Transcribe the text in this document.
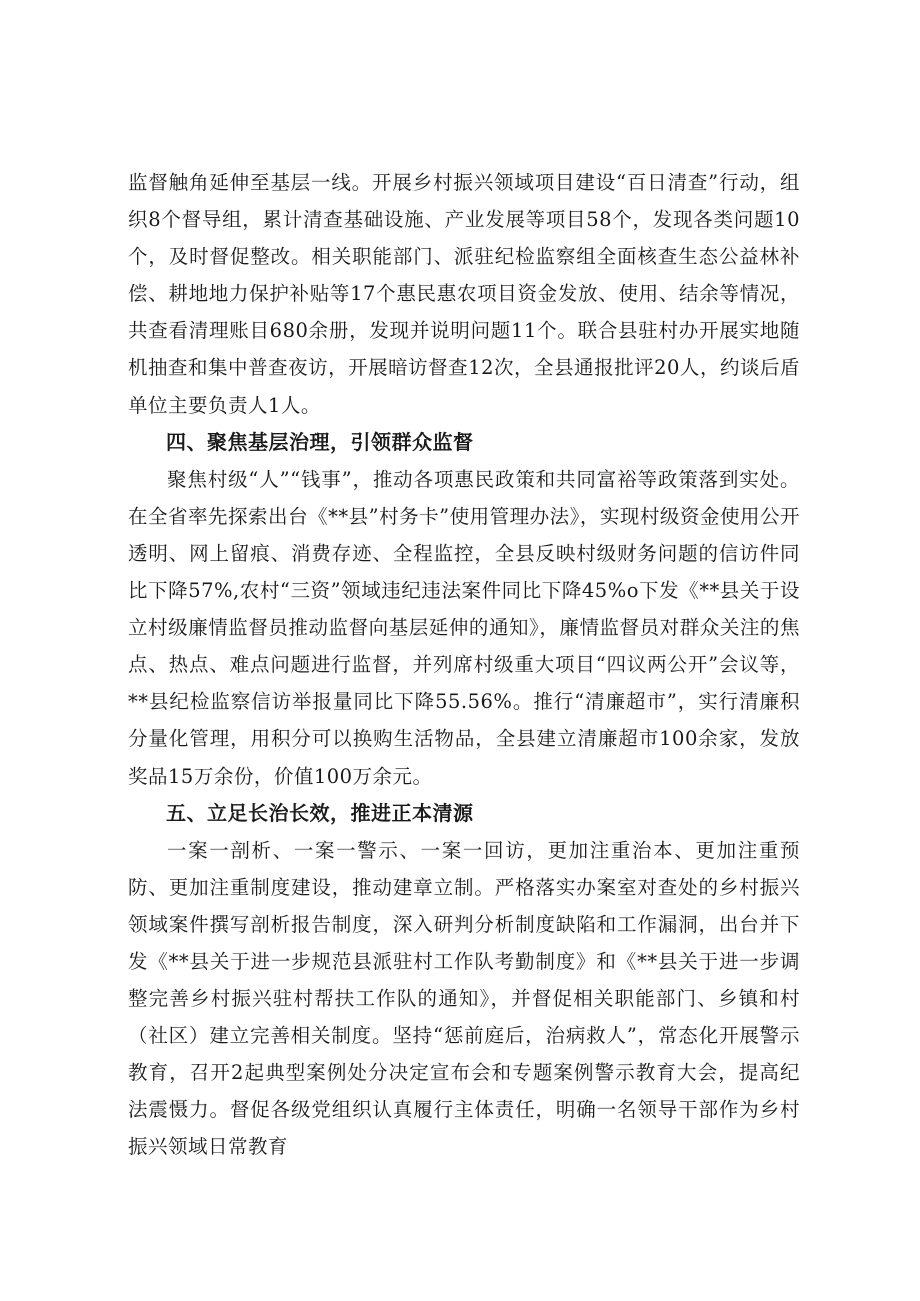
监督触角延伸至基层一线。开展乡村振兴领域项目建设“百日清查”行动，组织8个督导组，累计清查基础设施、产业发展等项目58个，发现各类问题10个，及时督促整改。相关职能部门、派驻纪检监察组全面核查生态公益林补偿、耕地地力保护补贴等17个惠民惠农项目资金发放、使用、结余等情况，共查看清理账目680余册，发现并说明问题11个。联合县驻村办开展实地随机抽查和集中普查夜访，开展暗访督查12次，全县通报批评20人，约谈后盾单位主要负责人1人。

四、聚焦基层治理，引领群众监督

聚焦村级“人”“钱事”，推动各项惠民政策和共同富裕等政策落到实处。在全省率先探索出台《**县”村务卡”使用管理办法》，实现村级资金使用公开透明、网上留痕、消费存迹、全程监控，全县反映村级财务问题的信访件同比下降57%,农村“三资”领域违纪违法案件同比下降45%o下发《**县关于设立村级廉情监督员推动监督向基层延伸的通知》，廉情监督员对群众关注的焦点、热点、难点问题进行监督，并列席村级重大项目“四议两公开”会议等，**县纪检监察信访举报量同比下降55.56%。推行“清廉超市”，实行清廉积分量化管理，用积分可以换购生活物品，全县建立清廉超市100余家，发放奖品15万余份，价值100万余元。

五、立足长治长效，推进正本清源

一案一剖析、一案一警示、一案一回访，更加注重治本、更加注重预防、更加注重制度建设，推动建章立制。严格落实办案室对查处的乡村振兴领域案件撰写剖析报告制度，深入研判分析制度缺陷和工作漏洞，出台并下发《**县关于进一步规范县派驻村工作队考勤制度》和《**县关于进一步调整完善乡村振兴驻村帮扶工作队的通知》，并督促相关职能部门、乡镇和村（社区）建立完善相关制度。坚持“惩前庭后，治病救人”，常态化开展警示教育，召开2起典型案例处分决定宣布会和专题案例警示教育大会，提高纪法震慑力。督促各级党组织认真履行主体责任，明确一名领导干部作为乡村振兴领域日常教育
